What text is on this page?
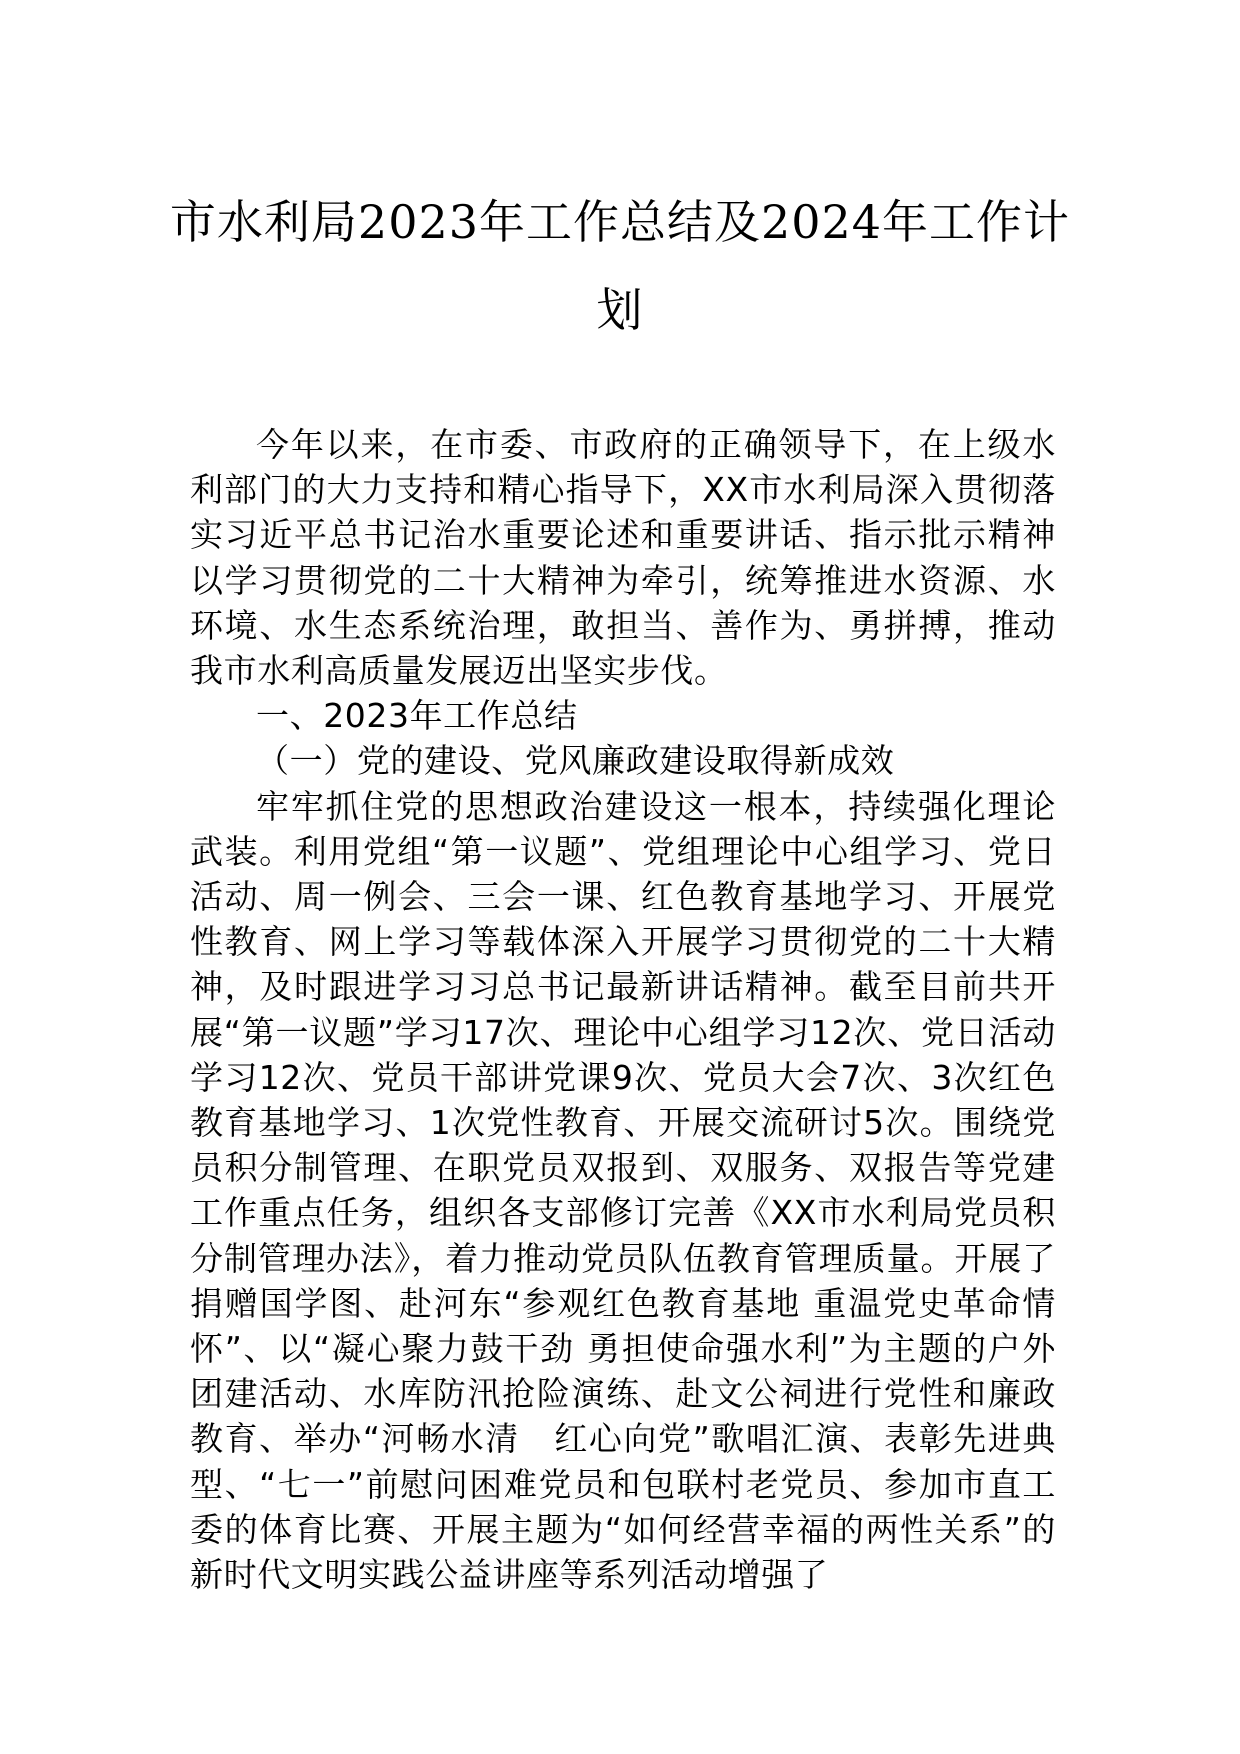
市水利局2023年工作总结及2024年工作计划

今年以来，在市委、市政府的正确领导下，在上级水利部门的大力支持和精心指导下，XX市水利局深入贯彻落实习近平总书记治水重要论述和重要讲话、指示批示精神以学习贯彻党的二十大精神为牵引，统筹推进水资源、水环境、水生态系统治理，敢担当、善作为、勇拼搏，推动我市水利高质量发展迈出坚实步伐。

一、2023年工作总结

（一）党的建设、党风廉政建设取得新成效

牢牢抓住党的思想政治建设这一根本，持续强化理论武装。利用党组“第一议题”、党组理论中心组学习、党日活动、周一例会、三会一课、红色教育基地学习、开展党性教育、网上学习等载体深入开展学习贯彻党的二十大精神，及时跟进学习习总书记最新讲话精神。截至目前共开展“第一议题”学习17次、理论中心组学习12次、党日活动学习12次、党员干部讲党课9次、党员大会7次、3次红色教育基地学习、1次党性教育、开展交流研讨5次。围绕党员积分制管理、在职党员双报到、双服务、双报告等党建工作重点任务，组织各支部修订完善《XX市水利局党员积分制管理办法》，着力推动党员队伍教育管理质量。开展了捐赠国学图、赴河东“参观红色教育基地 重温党史革命情怀”、以“凝心聚力鼓干劲 勇担使命强水利”为主题的户外团建活动、水库防汛抢险演练、赴文公祠进行党性和廉政教育、举办“河畅水清　红心向党”歌唱汇演、表彰先进典型、“七一”前慰问困难党员和包联村老党员、参加市直工委的体育比赛、开展主题为“如何经营幸福的两性关系”的新时代文明实践公益讲座等系列活动增强了
